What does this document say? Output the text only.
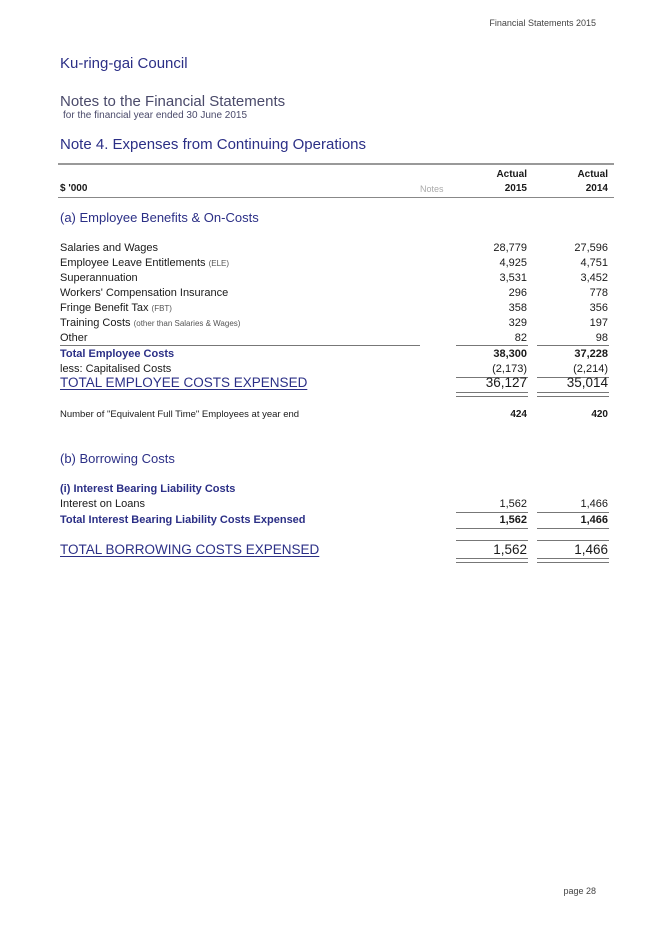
Financial Statements 2015
Ku-ring-gai Council
Notes to the Financial Statements
for the financial year ended 30 June 2015
Note 4. Expenses from Continuing Operations
Actual	Actual
$ '000	Notes	2015	2014
(a) Employee Benefits & On-Costs
Salaries and Wages	28,779	27,596
Employee Leave Entitlements (ELE)	4,925	4,751
Superannuation	3,531	3,452
Workers' Compensation Insurance	296	778
Fringe Benefit Tax (FBT)	358	356
Training Costs (other than Salaries & Wages)	329	197
Other	82	98
Total Employee Costs	38,300	37,228
less: Capitalised Costs	(2,173)	(2,214)
TOTAL EMPLOYEE COSTS EXPENSED	36,127	35,014
Number of "Equivalent Full Time" Employees at year end	424	420
(b) Borrowing Costs
(i) Interest Bearing Liability Costs
Interest on Loans	1,562	1,466
Total Interest Bearing Liability Costs Expensed	1,562	1,466
TOTAL BORROWING COSTS EXPENSED	1,562	1,466
page 28
